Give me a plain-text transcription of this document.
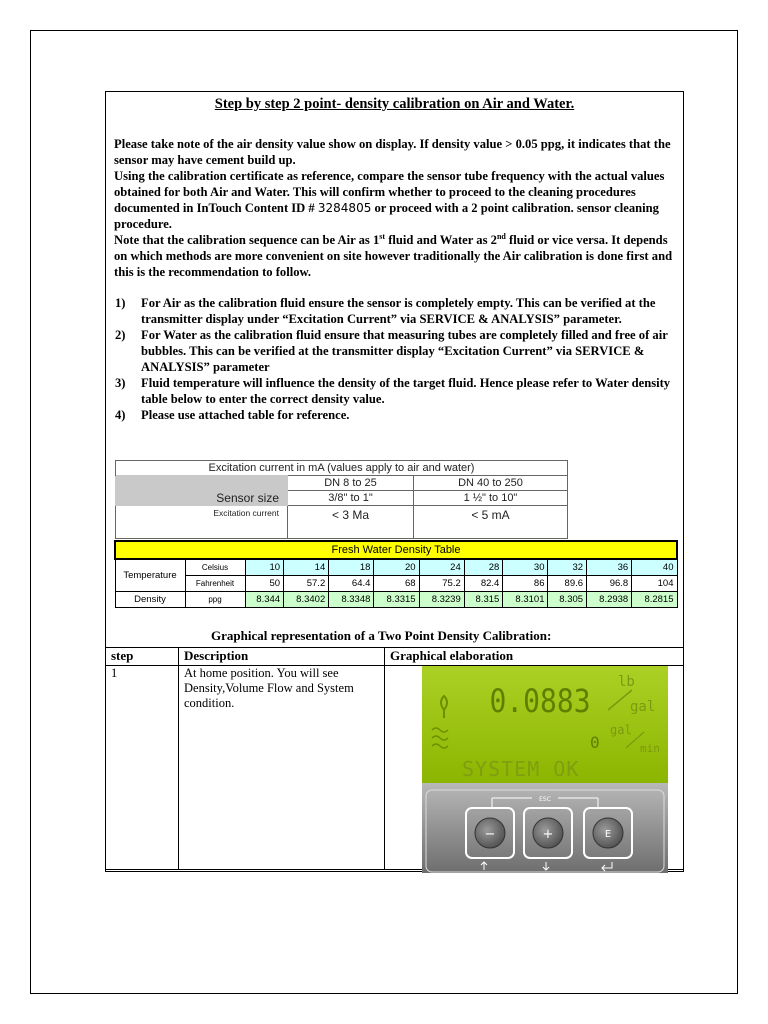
Step by step 2 point- density calibration on Air and Water.

Please take note of the air density value show on display. If density value > 0.05 ppg, it indicates that the sensor may have cement build up.

Using the calibration certificate as reference, compare the sensor tube frequency with the actual values obtained for both Air and Water. This will confirm whether to proceed to the cleaning procedures documented in InTouch Content ID # 3284805 or proceed with a 2 point calibration. sensor cleaning procedure.

Note that the calibration sequence can be Air as 1st fluid and Water as 2nd fluid or vice versa. It depends on which methods are more convenient on site however traditionally the Air calibration is done first and this is the recommendation to follow.

1) For Air as the calibration fluid ensure the sensor is completely empty. This can be verified at the transmitter display under “Excitation Current” via SERVICE & ANALYSIS” parameter.
2) For Water as the calibration fluid ensure that measuring tubes are completely filled and free of air bubbles. This can be verified at the transmitter display “Excitation Current” via SERVICE & ANALYSIS” parameter
3) Fluid temperature will influence the density of the target fluid. Hence please refer to Water density table below to enter the correct density value.
4) Please use attached table for reference.
Excitation current in mA (values apply to air and water)		
	DN 8 to 25	DN 40 to 250
Sensor size	3/8" to 1"	1 ½" to 10"
Excitation current	< 3 Ma	< 5 mA
Fresh Water Density Table											
Temperature	Celsius	10	14	18	20	24	28	30	32	36	40
	Fahrenheit	50	57.2	64.4	68	75.2	82.4	86	89.6	96.8	104
Density	ppg	8.344	8.3402	8.3348	8.3315	8.3239	8.315	8.3101	8.305	8.2938	8.2815
Graphical representation of a Two Point Density Calibration:
step	Description	Graphical elaboration
1	At home position. You will see Density,Volume Flow and System condition.		0.0883
lb
gal
0
gal
min
SYSTEM OK
ESC
−	+	E
